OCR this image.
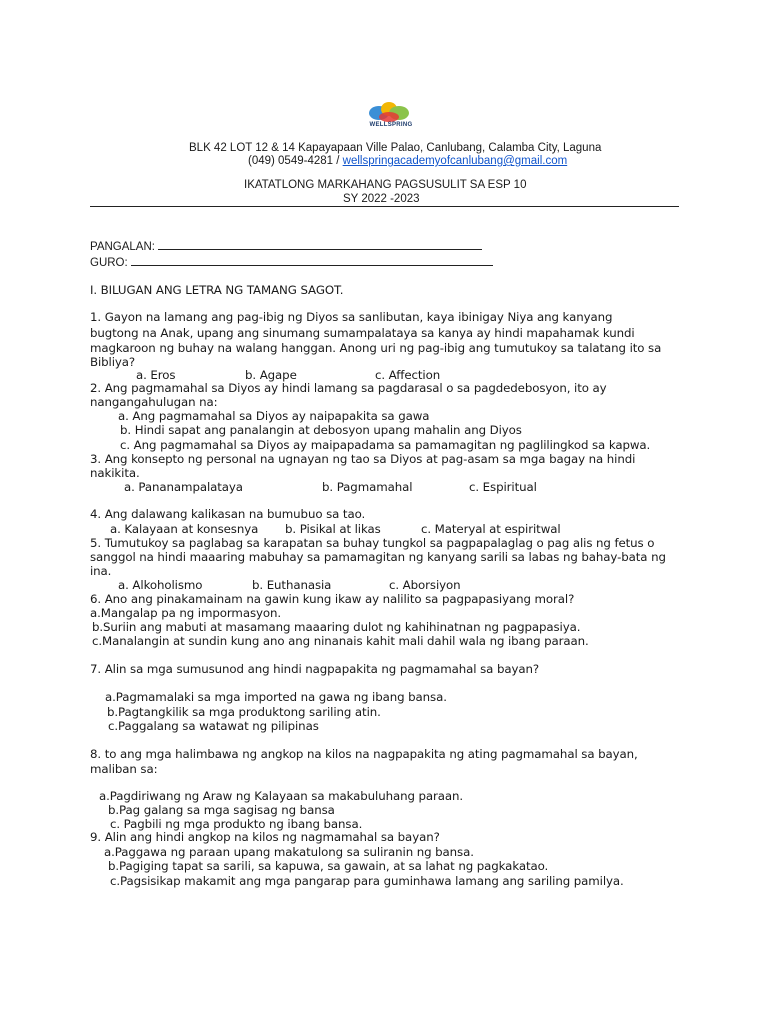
WELLSPRING
BLK 42 LOT 12 & 14 Kapayapaan Ville Palao, Canlubang, Calamba City, Laguna
(049) 0549-4281 / wellspringacademyofcanlubang@gmail.com
IKATATLONG MARKAHANG PAGSUSULIT SA ESP 10
SY 2022 -2023
PANGALAN:
GURO:
I. BILUGAN ANG LETRA NG TAMANG SAGOT.
1. Gayon na lamang ang pag-ibig ng Diyos sa sanlibutan, kaya ibinigay Niya ang kanyang
bugtong na Anak, upang ang sinumang sumampalataya sa kanya ay hindi mapahamak kundi
magkaroon ng buhay na walang hanggan. Anong uri ng pag-ibig ang tumutukoy sa talatang ito sa
Bibliya?
a. Eros	b. Agape	c. Affection
2. Ang pagmamahal sa Diyos ay hindi lamang sa pagdarasal o sa pagdedebosyon, ito ay
nangangahulugan na:
a. Ang pagmamahal sa Diyos ay naipapakita sa gawa
b. Hindi sapat ang panalangin at debosyon upang mahalin ang Diyos
c. Ang pagmamahal sa Diyos ay maipapadama sa pamamagitan ng paglilingkod sa kapwa.
3. Ang konsepto ng personal na ugnayan ng tao sa Diyos at pag-asam sa mga bagay na hindi
nakikita.
a. Pananampalataya	b. Pagmamahal	c. Espiritual
4. Ang dalawang kalikasan na bumubuo sa tao.
a. Kalayaan at konsesnya b. Pisikal at likas	c. Materyal at espiritwal
5. Tumutukoy sa paglabag sa karapatan sa buhay tungkol sa pagpapalaglag o pag alis ng fetus o
sanggol na hindi maaaring mabuhay sa pamamagitan ng kanyang sarili sa labas ng bahay-bata ng
ina.
a. Alkoholismo	b. Euthanasia	c. Aborsiyon
6. Ano ang pinakamainam na gawin kung ikaw ay nalilito sa pagpapasiyang moral?
a.Mangalap pa ng impormasyon.
b.Suriin ang mabuti at masamang maaaring dulot ng kahihinatnan ng pagpapasiya.
c.Manalangin at sundin kung ano ang ninanais kahit mali dahil wala ng ibang paraan.
7. Alin sa mga sumusunod ang hindi nagpapakita ng pagmamahal sa bayan?
a.Pagmamalaki sa mga imported na gawa ng ibang bansa.
b.Pagtangkilik sa mga produktong sariling atin.
c.Paggalang sa watawat ng pilipinas
8. to ang mga halimbawa ng angkop na kilos na nagpapakita ng ating pagmamahal sa bayan,
maliban sa:
a.Pagdiriwang ng Araw ng Kalayaan sa makabuluhang paraan.
b.Pag galang sa mga sagisag ng bansa
c. Pagbili ng mga produkto ng ibang bansa.
9. Alin ang hindi angkop na kilos ng nagmamahal sa bayan?
a.Paggawa ng paraan upang makatulong sa suliranin ng bansa.
b.Pagiging tapat sa sarili, sa kapuwa, sa gawain, at sa lahat ng pagkakatao.
c.Pagsisikap makamit ang mga pangarap para guminhawa lamang ang sariling pamilya.
